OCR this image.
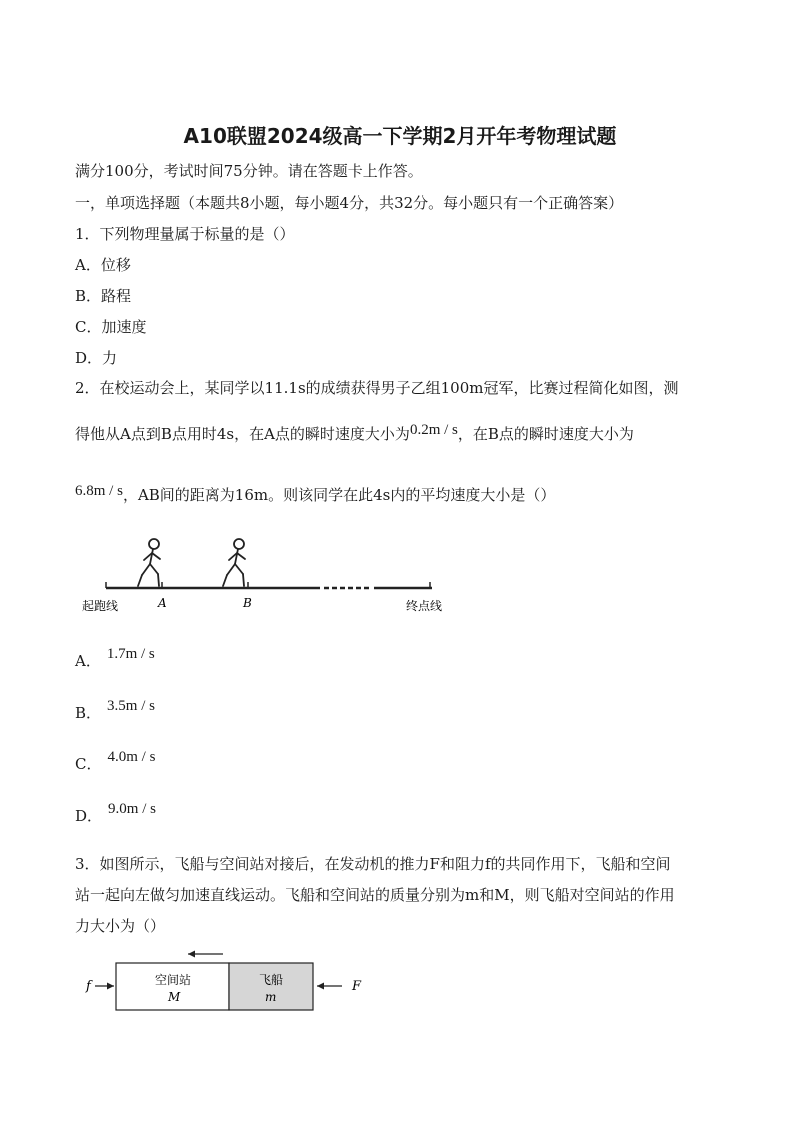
A10联盟2024级高一下学期2月开年考物理试题
满分100分，考试时间75分钟。请在答题卡上作答。
一，单项选择题（本题共8小题，每小题4分，共32分。每小题只有一个正确答案）
1．下列物理量属于标量的是（）
A．位移
B．路程
C．加速度
D．力
2．在校运动会上，某同学以11.1s的成绩获得男子乙组100m冠军，比赛过程简化如图，测
得他从A点到B点用时4s，在A点的瞬时速度大小为0.2m / s，在B点的瞬时速度大小为
6.8m / s，AB间的距离为16m。则该同学在此4s内的平均速度大小是（）
起跑线	A	B	终点线
A． 1.7m / s
B． 3.5m / s
C． 4.0m / s
D． 9.0m / s
3．如图所示，飞船与空间站对接后，在发动机的推力F和阻力f的共同作用下，飞船和空间
站一起向左做匀加速直线运动。飞船和空间站的质量分别为m和M，则飞船对空间站的作用
力大小为（）
f	空间站
M
飞船
m
F
